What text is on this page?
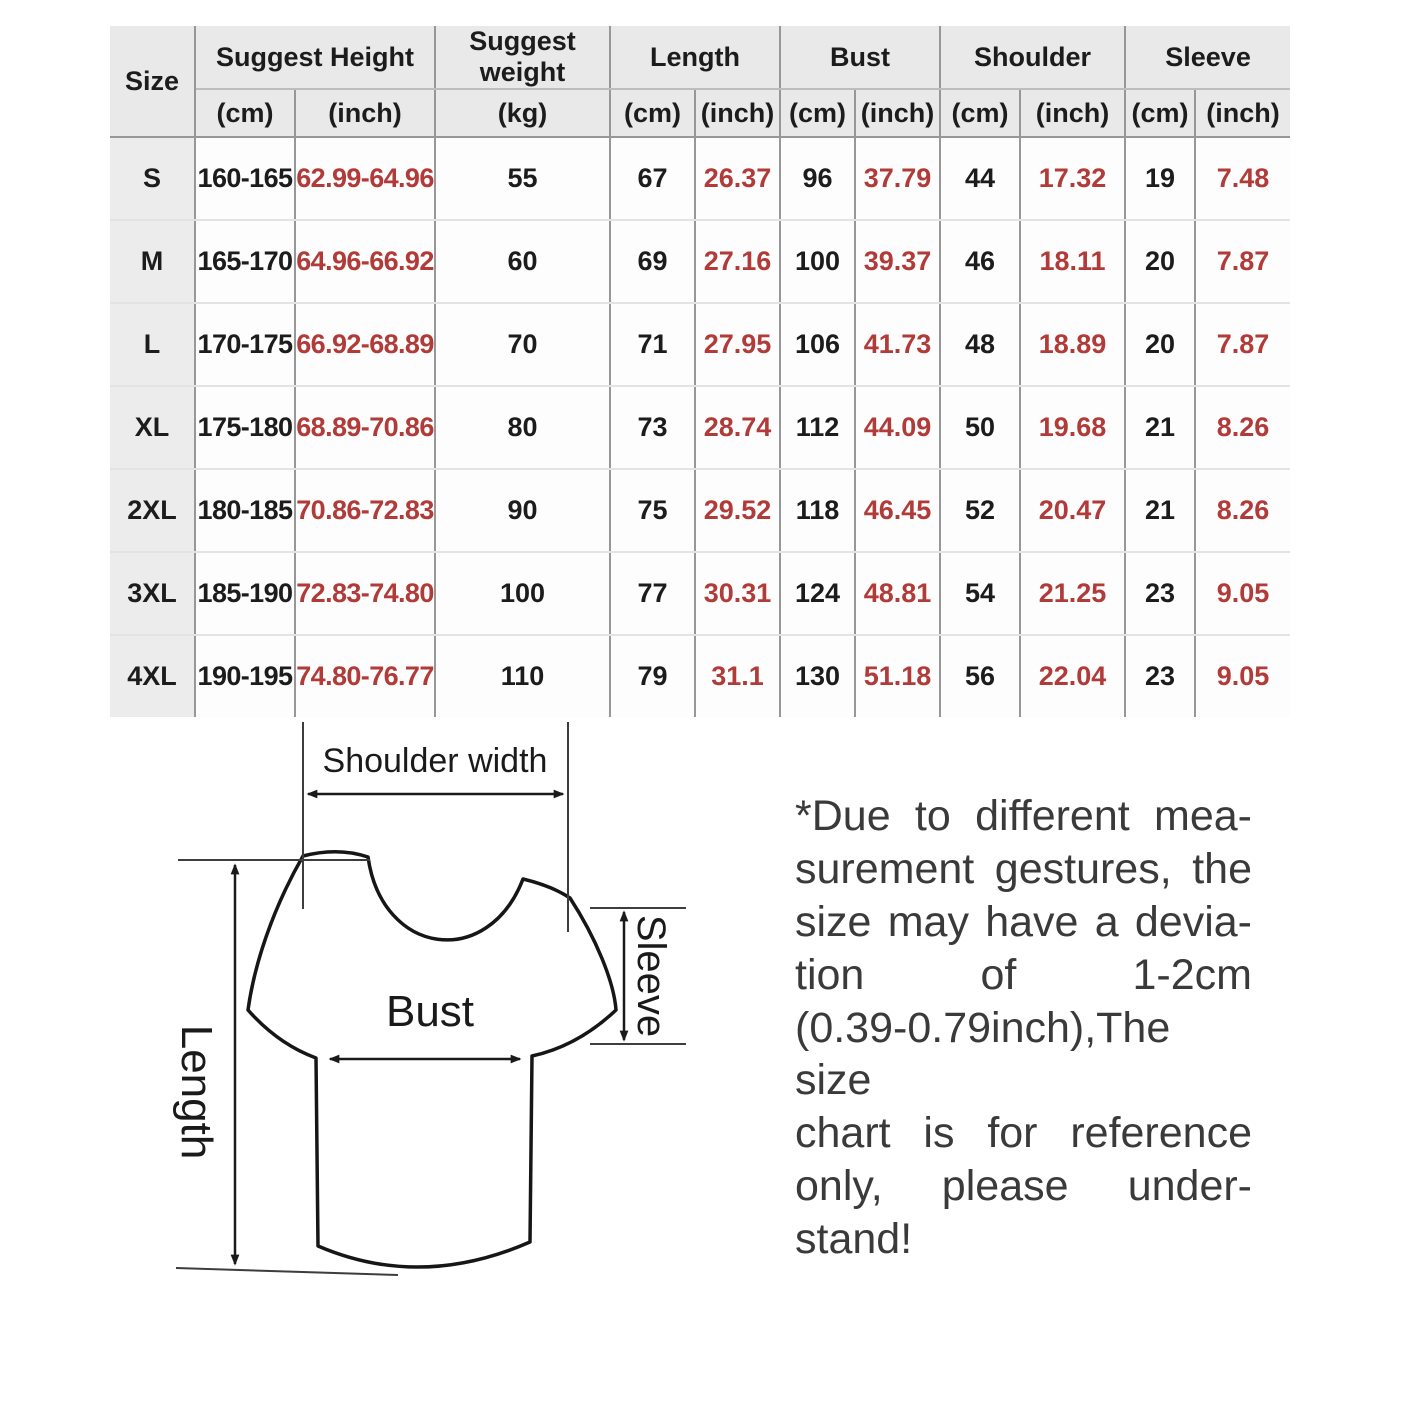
Size	Suggest Height		Suggest weight	Length		Bust		Shoulder		Sleeve	
	(cm)	(inch)	(kg)	(cm)	(inch)	(cm)	(inch)	(cm)	(inch)	(cm)	(inch)
S	160-165	62.99-64.96	55	67	26.37	96	37.79	44	17.32	19	7.48
M	165-170	64.96-66.92	60	69	27.16	100	39.37	46	18.11	20	7.87
L	170-175	66.92-68.89	70	71	27.95	106	41.73	48	18.89	20	7.87
XL	175-180	68.89-70.86	80	73	28.74	112	44.09	50	19.68	21	8.26
2XL	180-185	70.86-72.83	90	75	29.52	118	46.45	52	20.47	21	8.26
3XL	185-190	72.83-74.80	100	77	30.31	124	48.81	54	21.25	23	9.05
4XL	190-195	74.80-76.77	110	79	31.1	130	51.18	56	22.04	23	9.05
Shoulder width
Length
Bust	Sleeve
*Due to different mea-
surement gestures, the
size may have a devia-
tion of 1-2cm
(0.39-0.79inch),The size
chart is for reference
only, please under-
stand!
